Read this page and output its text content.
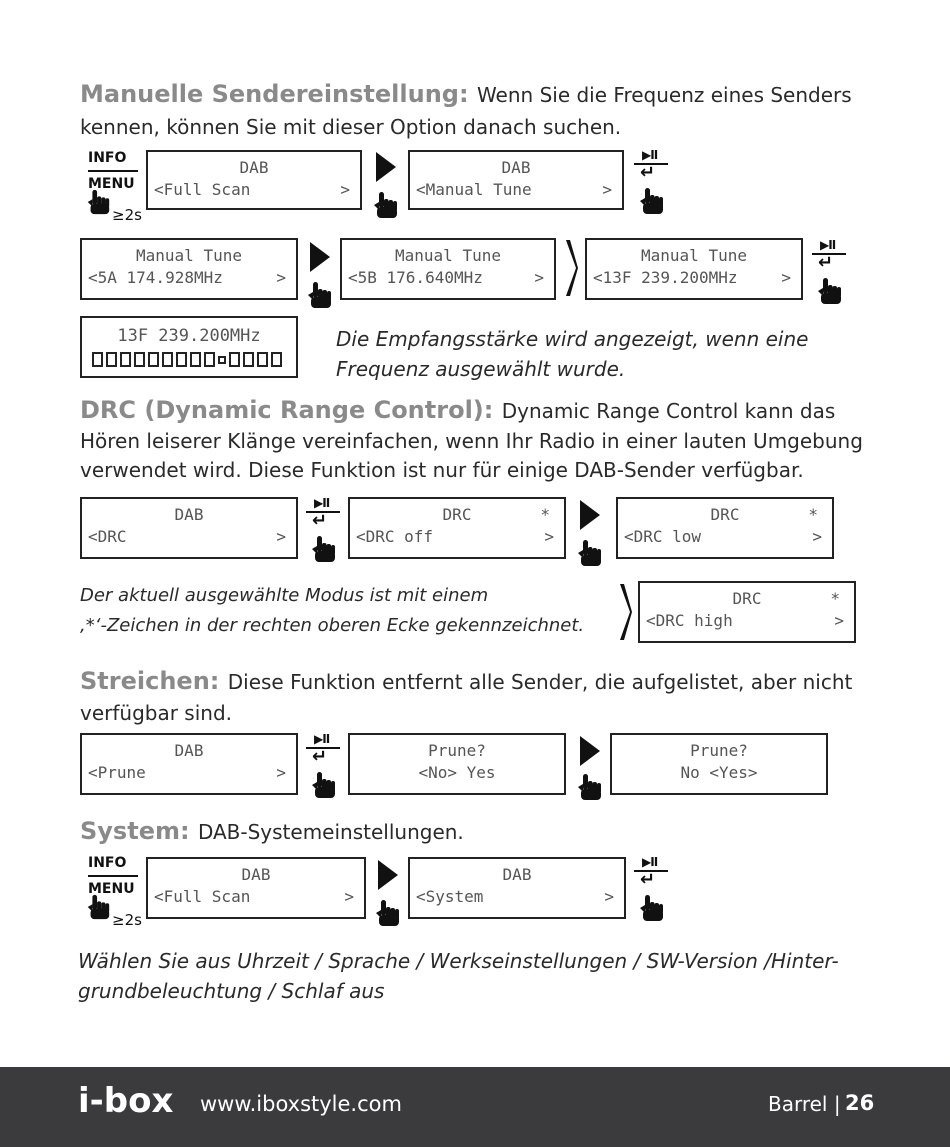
Manuelle Sendereinstellung: Wenn Sie die Frequenz eines Senders
kennen, können Sie mit dieser Option danach suchen.
INFO
MENU
≥2s
DAB
<Full Scan	>
DAB
<Manual Tune	>
▶II
↵
Manual Tune
<5A 174.928MHz	>
Manual Tune
<5B 176.640MHz	>
Manual Tune
<13F 239.200MHz	>
▶II
↵
13F 239.200MHz	Die Empfangsstärke wird angezeigt, wenn eine
Frequenz ausgewählt wurde.
DRC (Dynamic Range Control): Dynamic Range Control kann das
Hören leiserer Klänge vereinfachen, wenn Ihr Radio in einer lauten Umgebung
verwendet wird. Diese Funktion ist nur für einige DAB-Sender verfügbar.
DAB
<DRC	>
▶II
↵	DRC	*
<DRC off	>
DRC	*
<DRC low	>
Der aktuell ausgewählte Modus ist mit einem
‚*‘-Zeichen in der rechten oberen Ecke gekennzeichnet.
DRC	*
<DRC high	>
Streichen: Diese Funktion entfernt alle Sender, die aufgelistet, aber nicht
verfügbar sind.
DAB
<Prune	>
▶II
↵	Prune?
<No> Yes
Prune?
No <Yes>
System: DAB-Systemeinstellungen.
INFO
MENU
≥2s
DAB
<Full Scan	>
DAB
<System	>
▶II
↵
Wählen Sie aus Uhrzeit / Sprache / Werkseinstellungen / SW-Version /Hinter-
grundbeleuchtung / Schlaf aus
i-box www.iboxstyle.com	Barrel | 26
